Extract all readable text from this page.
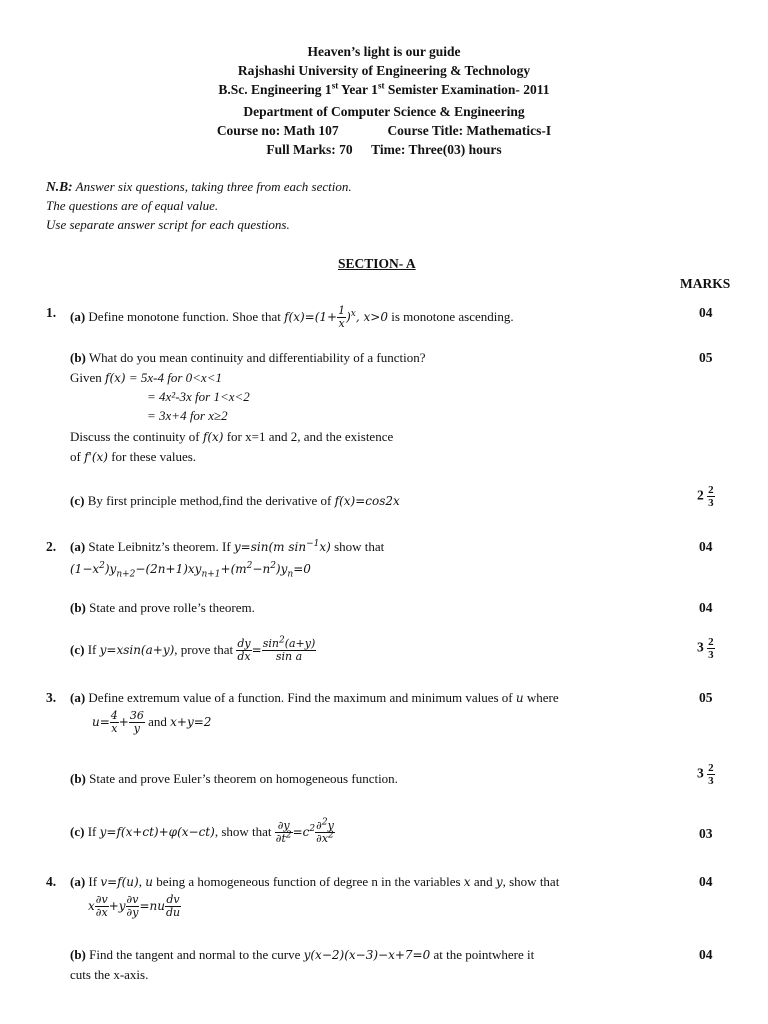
Heaven’s light is our guide
Rajshashi University of Engineering & Technology
B.Sc. Engineering 1st Year 1st Semister Examination- 2011
Department of Computer Science & Engineering
Course no: Math 107	Course Title: Mathematics-I
Full Marks: 70 Time: Three(03) hours
N.B: Answer six questions, taking three from each section.
The questions are of equal value.
Use separate answer script for each questions.
SECTION- A
MARKS
1. (a) Define monotone function. Shoe that $f(x)=(1+ \frac{1}{x} )^x$, x>0 is monotone ascending.	04
(b) What do you mean continuity and differentiability of a function?	05
Given f(x) = 5x-4 for 0<x<1
= 4x²-3x for 1<x<2
= 3x+4 for x≥2
Discuss the continuity of f(x) for x=1 and 2, and the existence
of f'(x) for these values.
(c) By first principle method,find the derivative of f(x)=cos2x	$2 \frac{2}{3}$
2. (a) State Leibnitz’s theorem. If y=sin(m $\sin^{-1}x$) show that	04
$(1-x^2)y_{n+2}-(2n+1)xy_{n+1}+(m^2-n^2)y_n=0$
(b) State and prove rolle’s theorem.	04
(c) If y=xsin(a+y), prove that $\frac{dy}{dx} = \frac{\sin^2(a+y)}{\text{sin a}}$	$3 \frac{2}{3}$
3. (a) Define extremum value of a function. Find the maximum and minimum values of u where	05
$u= \frac{4}{x} + \frac{36}{y}$ and x+y=2
(b) State and prove Euler’s theorem on homogeneous function.	$3 \frac{2}{3}$
(c) If y=f(x+ct)+φ(x−ct), show that $\frac{\partial y}{\partial t^2} =c^2 \frac{\partial^2y}{\partial x^2}$	03
4. (a) If v=f(u), u being a homogeneous function of degree n in the variables x and y, show that	04
x $\frac{\partial v}{\partial x} +y \frac{\partial v}{\partial y} =nu \frac{dv}{du}$
(b) Find the tangent and normal to the curve y(x−2)(x−3)−x+7=0 at the pointwhere it	04
cuts the x-axis.
